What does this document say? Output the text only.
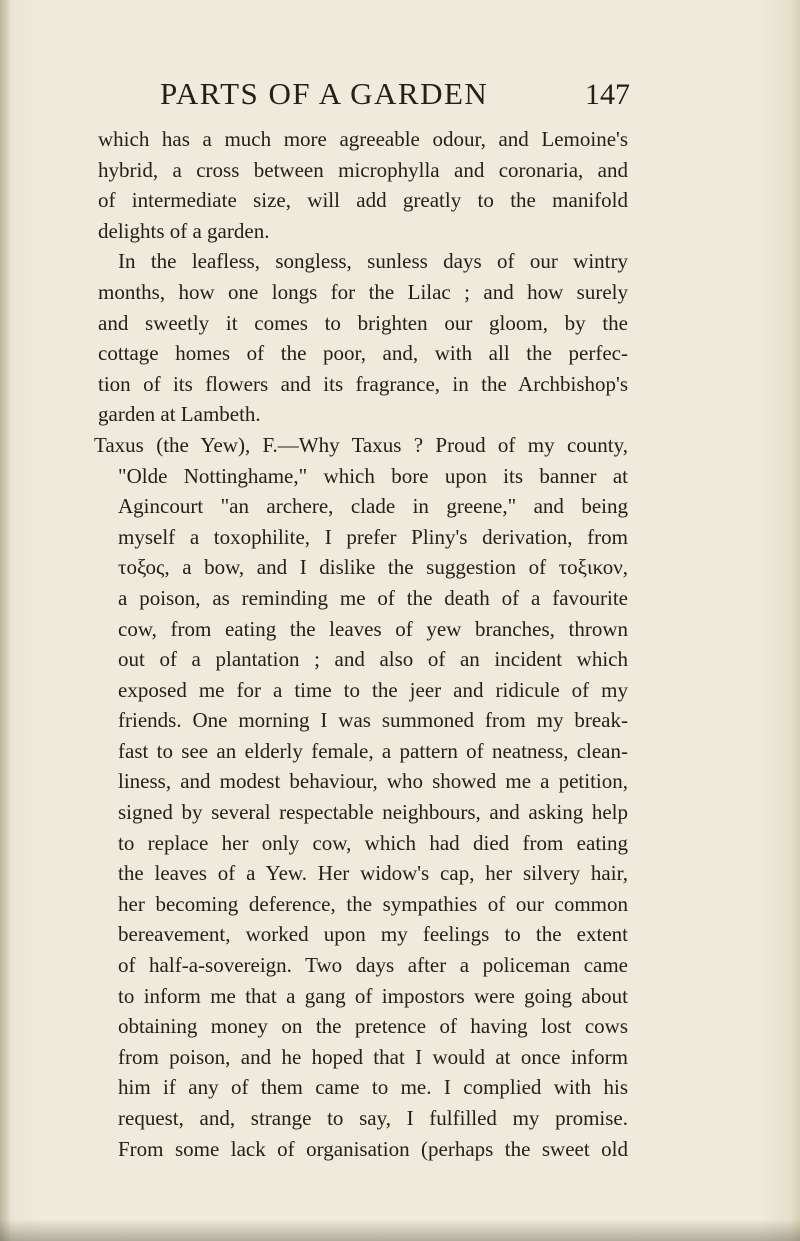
PARTS OF A GARDEN	147
which has a much more agreeable odour, and Lemoine's
hybrid, a cross between microphylla and coronaria, and
of intermediate size, will add greatly to the manifold
delights of a garden.
In the leafless, songless, sunless days of our wintry
months, how one longs for the Lilac ; and how surely
and sweetly it comes to brighten our gloom, by the
cottage homes of the poor, and, with all the perfec-
tion of its flowers and its fragrance, in the Archbishop's
garden at Lambeth.
Taxus (the Yew), F.—Why Taxus ? Proud of my county,
"Olde Nottinghame," which bore upon its banner at
Agincourt "an archere, clade in greene," and being
myself a toxophilite, I prefer Pliny's derivation, from
τοξος, a bow, and I dislike the suggestion of τοξικον,
a poison, as reminding me of the death of a favourite
cow, from eating the leaves of yew branches, thrown
out of a plantation ; and also of an incident which
exposed me for a time to the jeer and ridicule of my
friends. One morning I was summoned from my break-
fast to see an elderly female, a pattern of neatness, clean-
liness, and modest behaviour, who showed me a petition,
signed by several respectable neighbours, and asking help
to replace her only cow, which had died from eating
the leaves of a Yew. Her widow's cap, her silvery hair,
her becoming deference, the sympathies of our common
bereavement, worked upon my feelings to the extent
of half-a-sovereign. Two days after a policeman came
to inform me that a gang of impostors were going about
obtaining money on the pretence of having lost cows
from poison, and he hoped that I would at once inform
him if any of them came to me. I complied with his
request, and, strange to say, I fulfilled my promise.
From some lack of organisation (perhaps the sweet old
